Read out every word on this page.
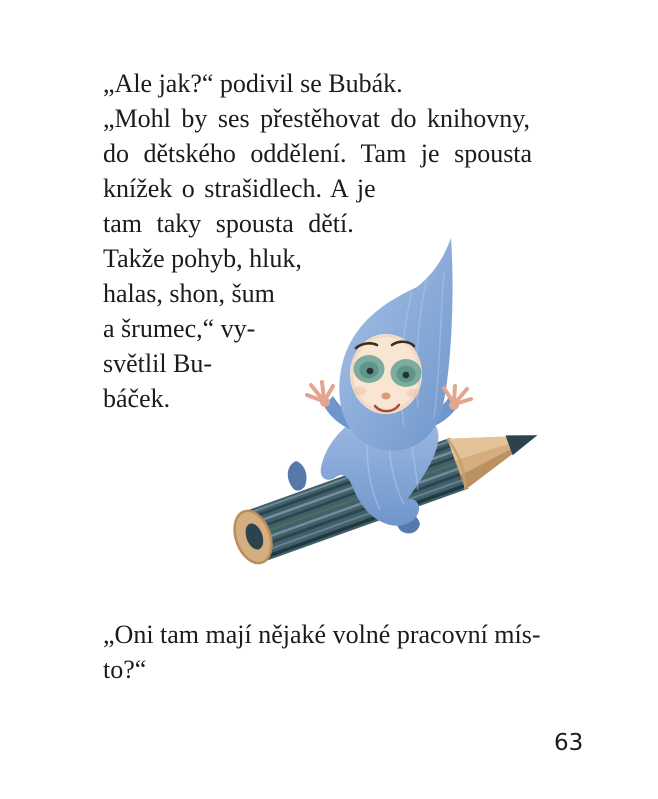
„Ale jak?“ podivil se Bubák.
„Mohl by ses přestěhovat do knihovny,
do dětského oddělení. Tam je spousta
knížek o strašidlech. A je
tam taky spousta dětí.
Takže pohyb, hluk,
halas, shon, šum
a šrumec,“ vy-
světlil Bu-
báček.
„Oni tam mají nějaké volné pracovní mís-
to?“
63
